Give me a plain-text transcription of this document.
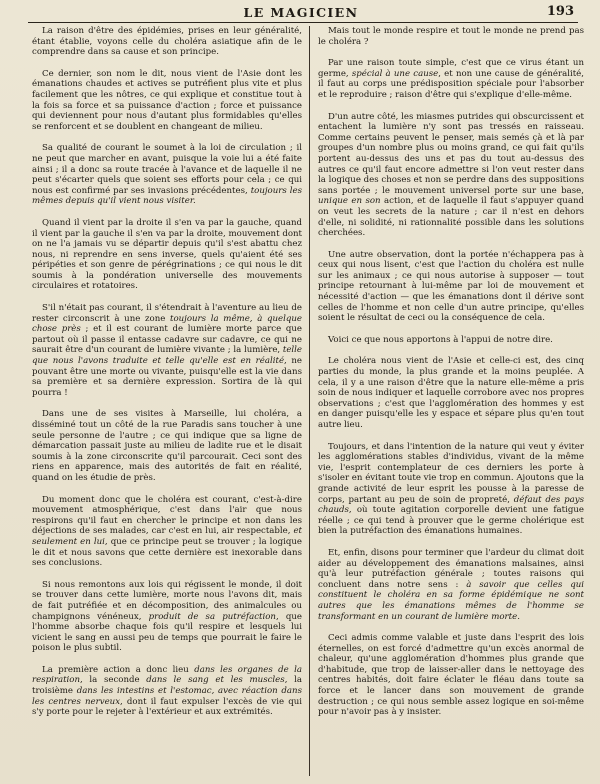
LE MAGICIEN	193

La raison d'être des épidémies, prises en leur généralité, étant établie, voyons celle du choléra asiatique afin de le comprendre dans sa cause et son principe.

Ce dernier, son nom le dit, nous vient de l'Asie dont les émanations chaudes et actives se putréfient plus vite et plus facilement que les nôtres, ce qui explique et constitue tout à la fois sa force et sa puissance d'action ; force et puissance qui deviennent pour nous d'autant plus formidables qu'elles se renforcent et se doublent en changeant de milieu.

Sa qualité de courant le soumet à la loi de circulation ; il ne peut que marcher en avant, puisque la voie lui a été faite ainsi ; il a donc sa route tracée à l'avance et de laquelle il ne peut s'écarter quels que soient ses efforts pour cela ; ce qui nous est confirmé par ses invasions précédentes, toujours les mêmes depuis qu'il vient nous visiter.

Quand il vient par la droite il s'en va par la gauche, quand il vient par la gauche il s'en va par la droite, mouvement dont on ne l'a jamais vu se départir depuis qu'il s'est abattu chez nous, ni reprendre en sens inverse, quels qu'aient été ses péripéties et son genre de pérégrinations ; ce qui nous le dit soumis à la pondération universelle des mouvements circulaires et rotatoires.

S'il n'était pas courant, il s'étendrait à l'aventure au lieu de rester circonscrit à une zone toujours la même, à quelque chose près ; et il est courant de lumière morte parce que partout où il passe il entasse cadavre sur cadavre, ce qui ne saurait être d'un courant de lumière vivante ; la lumière, telle que nous l'avons traduite et telle qu'elle est en réalité, ne pouvant être une morte ou vivante, puisqu'elle est la vie dans sa première et sa dernière expression. Sortira de là qui pourra !

Dans une de ses visites à Marseille, lui choléra, a disséminé tout un côté de la rue Paradis sans toucher à une seule personne de l'autre ; ce qui indique que sa ligne de démarcation passait juste au milieu de ladite rue et le disait soumis à la zone circonscrite qu'il parcourait. Ceci sont des riens en apparence, mais des autorités de fait en réalité, quand on les étudie de près.

Du moment donc que le choléra est courant, c'est-à-dire mouvement atmosphérique, c'est dans l'air que nous respirons qu'il faut en chercher le principe et non dans les déjections de ses malades, car c'est en lui, air respectable, et seulement en lui, que ce principe peut se trouver ; la logique le dit et nous savons que cette dernière est inexorable dans ses conclusions.

Si nous remontons aux lois qui régissent le monde, il doit se trouver dans cette lumière, morte nous l'avons dit, mais de fait putréfiée et en décomposition, des animalcules ou champignons vénéneux, produit de sa putréfaction, que l'homme absorbe chaque fois qu'il respire et lesquels lui vicient le sang en aussi peu de temps que pourrait le faire le poison le plus subtil.

La première action a donc lieu dans les organes de la respiration, la seconde dans le sang et les muscles, la troisième dans les intestins et l'estomac, avec réaction dans les centres nerveux, dont il faut expulser l'excès de vie qui s'y porte pour le rejeter à l'extérieur et aux extrémités.

Mais tout le monde respire et tout le monde ne prend pas le choléra ?

Par une raison toute simple, c'est que ce virus étant un germe, spécial à une cause, et non une cause de généralité, il faut au corps une prédisposition spéciale pour l'absorber et le reproduire ; raison d'être qui s'explique d'elle-même.

D'un autre côté, les miasmes putrides qui obscurcissent et entachent la lumière n'y sont pas tressés en raisseau. Comme certains peuvent le penser, mais semés çà et là par groupes d'un nombre plus ou moins grand, ce qui fait qu'ils portent au-dessus des uns et pas du tout au-dessus des autres ce qu'il faut encore admettre si l'on veut rester dans la logique des choses et non se perdre dans des suppositions sans portée ; le mouvement universel porte sur une base, unique en son action, et de laquelle il faut s'appuyer quand on veut les secrets de la nature ; car il n'est en dehors d'elle, ni solidité, ni rationnalité possible dans les solutions cherchées.

Une autre observation, dont la portée n'échappera pas à ceux qui nous lisent, c'est que l'action du choléra est nulle sur les animaux ; ce qui nous autorise à supposer — tout principe retournant à lui-même par loi de mouvement et nécessité d'action — que les émanations dont il dérive sont celles de l'homme et non celle d'un autre principe, qu'elles soient le résultat de ceci ou la conséquence de cela.

Voici ce que nous apportons à l'appui de notre dire.

Le choléra nous vient de l'Asie et celle-ci est, des cinq parties du monde, la plus grande et la moins peuplée. A cela, il y a une raison d'être que la nature elle-même a pris soin de nous indiquer et laquelle corrobore avec nos propres observations ; c'est que l'agglomération des hommes y est en danger puisqu'elle les y espace et sépare plus qu'en tout autre lieu.

Toujours, et dans l'intention de la nature qui veut y éviter les agglomérations stables d'individus, vivant de la même vie, l'esprit contemplateur de ces derniers les porte à s'isoler en évitant toute vie trop en commun. Ajoutons que la grande activité de leur esprit les pousse à la paresse de corps, partant au peu de soin de propreté, défaut des pays chauds, où toute agitation corporelle devient une fatigue réelle ; ce qui tend à prouver que le germe cholérique est bien la putréfaction des émanations humaines.

Et, enfin, disons pour terminer que l'ardeur du climat doit aider au développement des émanations malsaines, ainsi qu'à leur putréfaction générale ; toutes raisons qui concluent dans notre sens : à savoir que celles qui constituent le choléra en sa forme épidémique ne sont autres que les émanations mêmes de l'homme se transformant en un courant de lumière morte.

Ceci admis comme valable et juste dans l'esprit des lois éternelles, on est forcé d'admettre qu'un excès anormal de chaleur, qu'une agglomération d'hommes plus grande que d'habitude, que trop de laisser-aller dans le nettoyage des centres habités, doit faire éclater le fléau dans toute sa force et le lancer dans son mouvement de grande destruction ; ce qui nous semble assez logique en soi-même pour n'avoir pas à y insister.
